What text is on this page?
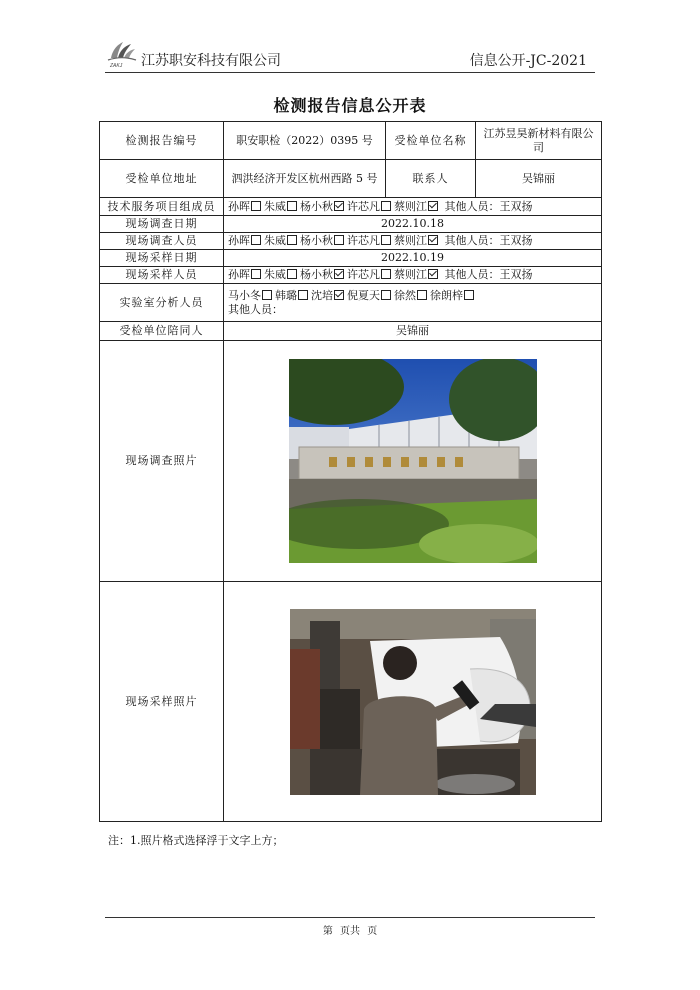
ZAKJ 江苏职安科技有限公司	信息公开-JC-2021
检测报告信息公开表
检测报告编号	职安职检（2022）0395 号	受检单位名称	江苏昱昊新材料有限公司
受检单位地址	泗洪经济开发区杭州西路 5 号	联系人	吴锦丽
技术服务项目组成员	孙晖 朱威 杨小秋 许芯凡 蔡则江 其他人员：王双扬		
现场调查日期	2022.10.18		
现场调查人员	孙晖 朱威 杨小秋 许芯凡 蔡则江 其他人员：王双扬		
现场采样日期	2022.10.19		
现场采样人员	孙晖 朱威 杨小秋 许芯凡 蔡则江 其他人员：王双扬		
实验室分析人员	马小冬 韩璐 沈培 倪夏天 徐然 徐朗梓
其他人员：		

受检单位陪同人	吴锦丽		
现场调查照片	

现场采样照片	
注：1.照片格式选择浮于文字上方；
第 页共 页
